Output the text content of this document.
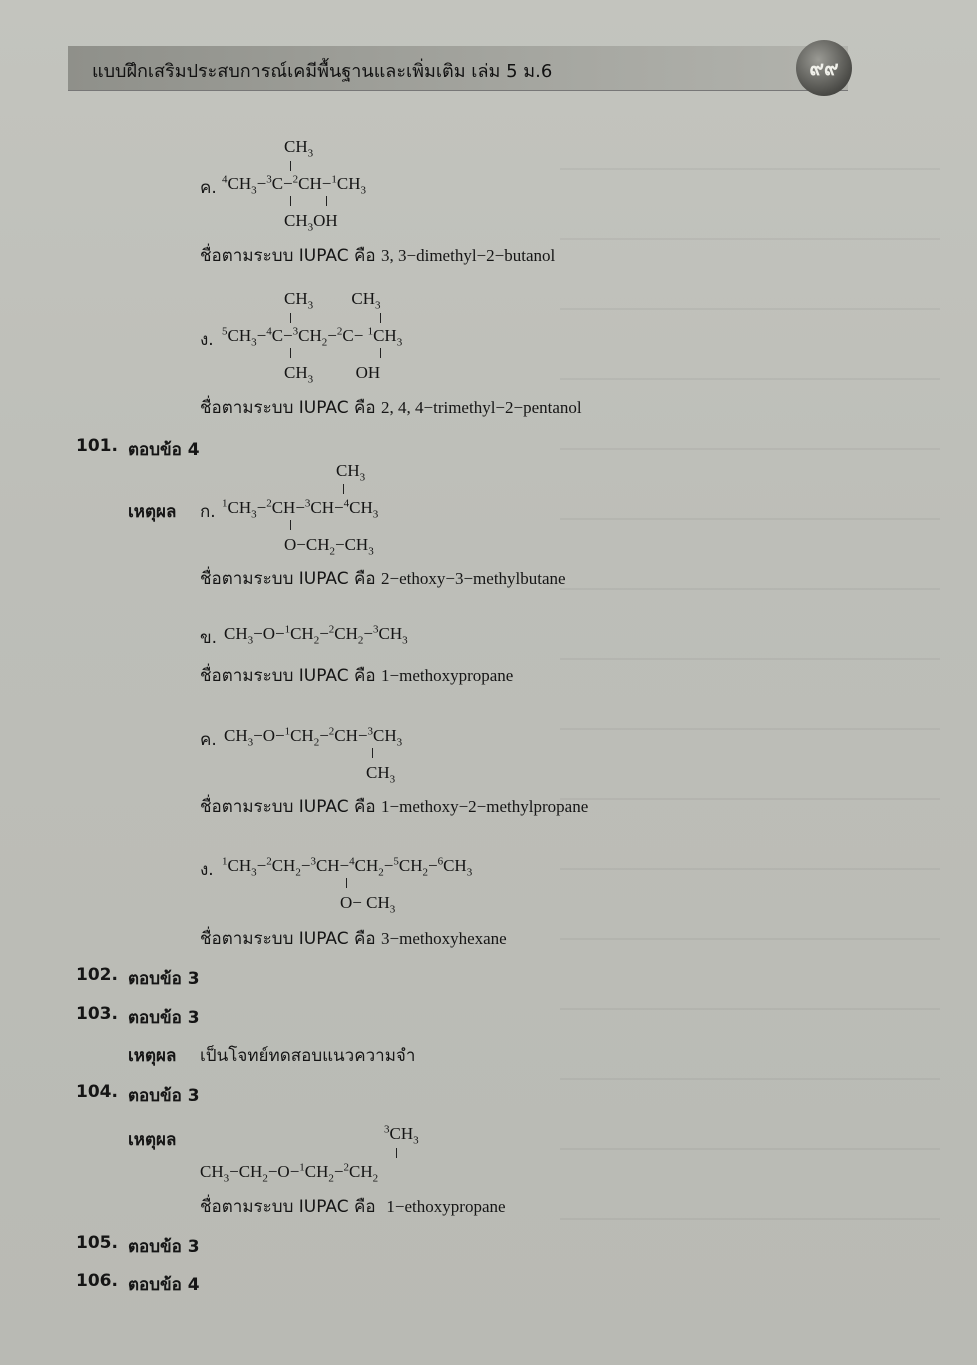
แบบฝึกเสริมประสบการณ์เคมีพื้นฐานและเพิ่มเติม เล่ม 5 ม.6	๙๙
$CH_3$
ค. $^4CH_3-^3C-^2CH-^1CH_3$
$CH_3OH$
ชื่อตามระบบ IUPAC คือ 3, 3−dimethyl−2−butanol
$CH_3$         $CH_3$
ง. $^5CH_3-^4C-^3CH_2-^2C- ^1CH_3$
$CH_3$          OH
ชื่อตามระบบ IUPAC คือ 2, 4, 4−trimethyl−2−pentanol
101. ตอบข้อ 4
$CH_3$
เหตุผล ก. $^1CH_3-^2CH-^3CH-^4CH_3$
$O-CH_2-CH_3$
ชื่อตามระบบ IUPAC คือ 2−ethoxy−3−methylbutane
ข. $CH_3-O-^1CH_2-^2CH_2-^3CH_3$
ชื่อตามระบบ IUPAC คือ 1−methoxypropane
ค. $CH_3-O-^1CH_2-^2CH-^3CH_3$
$CH_3$
ชื่อตามระบบ IUPAC คือ 1−methoxy−2−methylpropane
ง. $^1CH_3-^2CH_2-^3CH-^4CH_2-^5CH_2-^6CH_3$
$O- CH_3$
ชื่อตามระบบ IUPAC คือ 3−methoxyhexane
102. ตอบข้อ 3
103. ตอบข้อ 3
เหตุผล เป็นโจทย์ทดสอบแนวความจำ
104. ตอบข้อ 3
เหตุผล
$^3CH_3$
$CH_3-CH_2-O-^1CH_2-^2CH_2$
ชื่อตามระบบ IUPAC คือ 1−ethoxypropane
105. ตอบข้อ 3
106. ตอบข้อ 4
